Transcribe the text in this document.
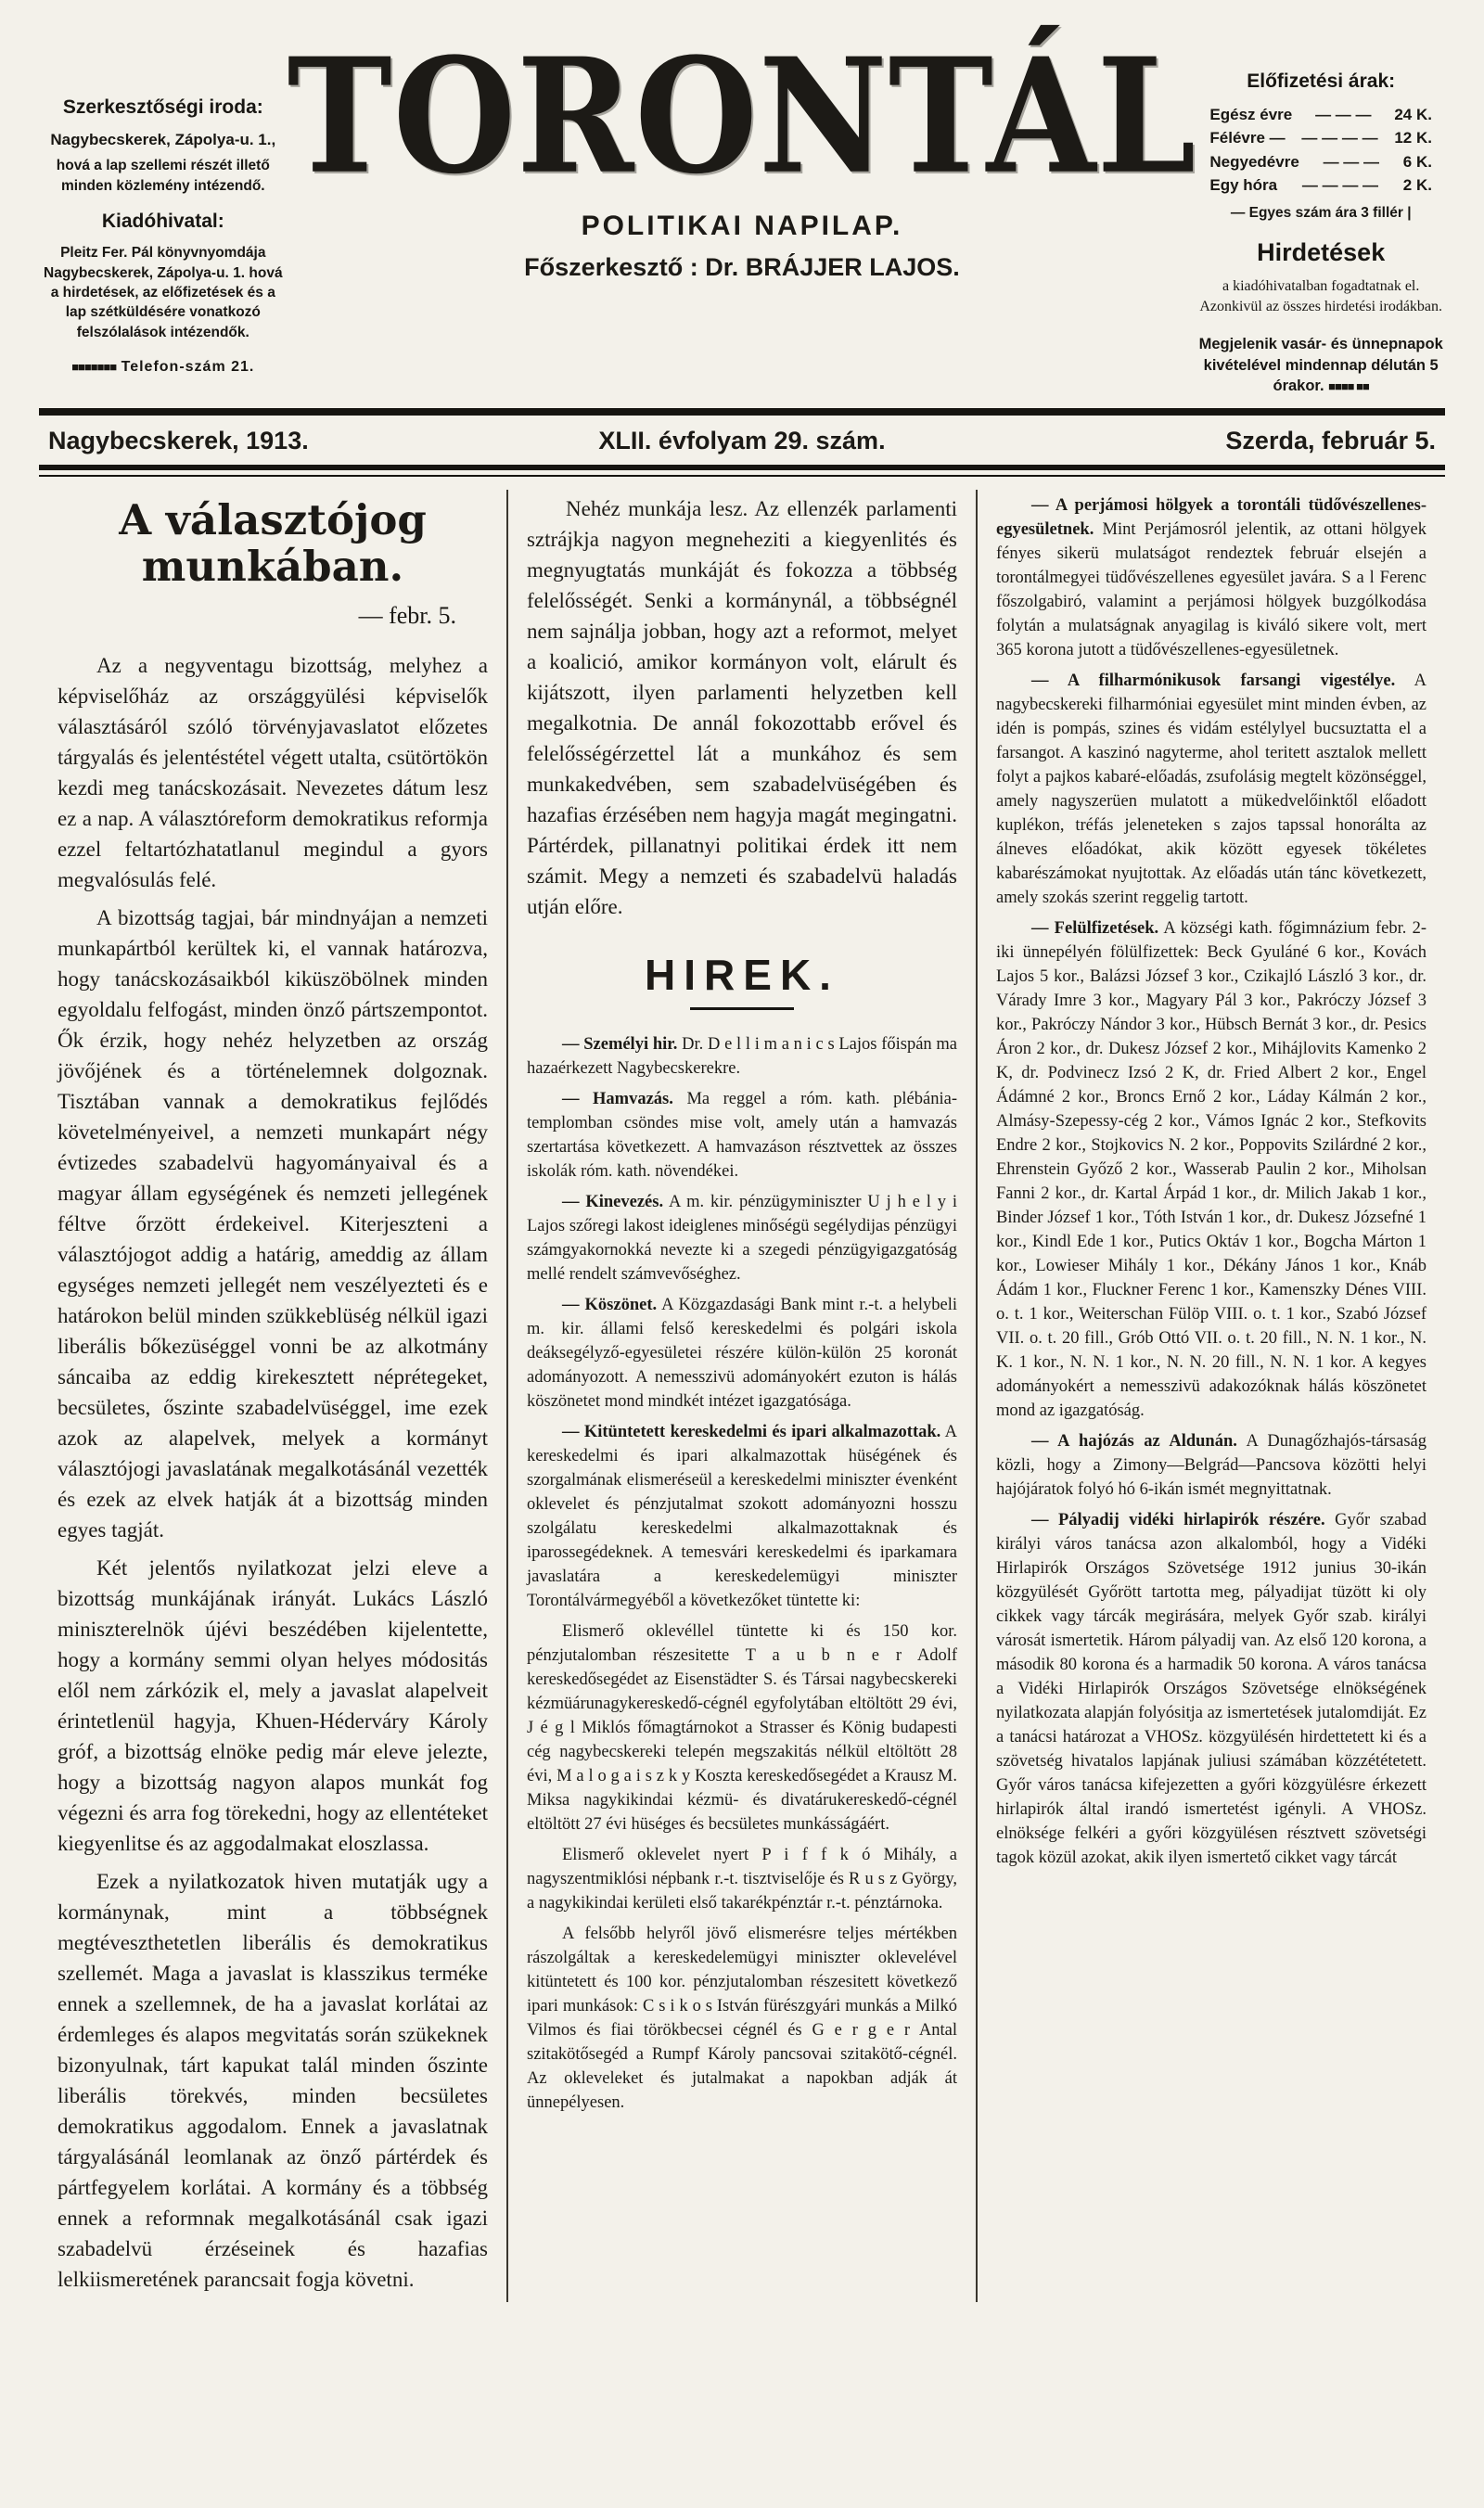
Szerkesztőségi iroda:
Nagybecskerek, Zápolya-u. 1.,
hová a lap szellemi részét illető minden közlemény intézendő.
Kiadóhivatal:
Pleitz Fer. Pál könyvnyomdája Nagybecskerek, Zápolya-u. 1. hová a hirdetések, az előfizetések és a lap szétküldésére vonatkozó felszólalások intézendők.
■■■■■■■ Telefon-szám 21.
TORONTÁL
POLITIKAI NAPILAP.
Főszerkesztő : Dr. BRÁJJER LAJOS.
Előfizetési árak:
Egész évre	— — —	24 K.
Félévre —	— — — —	12 K.
Negyedévre	— — —	6 K.
Egy hóra	— — — —	2 K.
— Egyes szám ára 3 fillér |
Hirdetések
a kiadóhivatalban fogadtatnak el. Azonkivül az összes hirdetési irodákban.
Megjelenik vasár- és ünnepnapok kivételével mindennap délután 5 órakor. ■■■■ ■■
Nagybecskerek, 1913.	XLII. évfolyam 29. szám.	Szerda, február 5.
A választójog munkában.
— febr. 5.

Az a negyventagu bizottság, melyhez a képviselőház az országgyülési képviselők választásáról szóló törvényjavaslatot előzetes tárgyalás és jelentéstétel végett utalta, csütörtökön kezdi meg tanácskozásait. Nevezetes dátum lesz ez a nap. A választóreform demokratikus reformja ezzel feltartózhatatlanul megindul a gyors megvalósulás felé.

A bizottság tagjai, bár mindnyájan a nemzeti munkapártból kerültek ki, el vannak határozva, hogy tanácskozásaikból kiküszöbölnek minden egyoldalu felfogást, minden önző pártszempontot. Ők érzik, hogy nehéz helyzetben az ország jövőjének és a történelemnek dolgoznak. Tisztában vannak a demokratikus fejlődés követelményeivel, a nemzeti munkapárt négy évtizedes szabadelvü hagyományaival és a magyar állam egységének és nemzeti jellegének féltve őrzött érdekeivel. Kiterjeszteni a választójogot addig a határig, ameddig az állam egységes nemzeti jellegét nem veszélyezteti és e határokon belül minden szükkeblüség nélkül igazi liberális bőkezüséggel vonni be az alkotmány sáncaiba az eddig kirekesztett néprétegeket, becsületes, őszinte szabadelvüséggel, ime ezek azok az alapelvek, melyek a kormányt választójogi javaslatának megalkotásánál vezették és ezek az elvek hatják át a bizottság minden egyes tagját.

Két jelentős nyilatkozat jelzi eleve a bizottság munkájának irányát. Lukács László miniszterelnök újévi beszédében kijelentette, hogy a kormány semmi olyan helyes módositás elől nem zárkózik el, mely a javaslat alapelveit érintetlenül hagyja, Khuen-Héderváry Károly gróf, a bizottság elnöke pedig már eleve jelezte, hogy a bizottság nagyon alapos munkát fog végezni és arra fog törekedni, hogy az ellentéteket kiegyenlitse és az aggodalmakat eloszlassa.

Ezek a nyilatkozatok hiven mutatják ugy a kormánynak, mint a többségnek megtéveszthetetlen liberális és demokratikus szellemét. Maga a javaslat is klasszikus terméke ennek a szellemnek, de ha a javaslat korlátai az érdemleges és alapos megvitatás során szükeknek bizonyulnak, tárt kapukat talál minden őszinte liberális törekvés, minden becsületes demokratikus aggodalom. Ennek a javaslatnak tárgyalásánál leomlanak az önző pártérdek és pártfegyelem korlátai. A kormány és a többség ennek a reformnak megalkotásánál csak igazi szabadelvü érzéseinek és hazafias lelkiismeretének parancsait fogja követni.

Nehéz munkája lesz. Az ellenzék parlamenti sztrájkja nagyon megneheziti a kiegyenlités és megnyugtatás munkáját és fokozza a többség felelősségét. Senki a kormánynál, a többségnél nem sajnálja jobban, hogy azt a reformot, melyet a koalició, amikor kormányon volt, elárult és kijátszott, ilyen parlamenti helyzetben kell megalkotnia. De annál fokozottabb erővel és felelősségérzettel lát a munkához és sem munkakedvében, sem szabadelvüségében és hazafias érzésében nem hagyja magát megingatni. Pártérdek, pillanatnyi politikai érdek itt nem számit. Megy a nemzeti és szabadelvü haladás utján előre.

HIREK.

— Személyi hir. Dr. D e l l i m a n i c s Lajos főispán ma hazaérkezett Nagybecskerekre.

— Hamvazás. Ma reggel a róm. kath. plébánia-templomban csöndes mise volt, amely után a hamvazás szertartása következett. A hamvazáson résztvettek az összes iskolák róm. kath. növendékei.

— Kinevezés. A m. kir. pénzügyminiszter U j h e l y i Lajos szőregi lakost ideiglenes minőségü segélydijas pénzügyi számgyakornokká nevezte ki a szegedi pénzügyigazgatóság mellé rendelt számvevőséghez.

— Köszönet. A Közgazdasági Bank mint r.-t. a helybeli m. kir. állami felső kereskedelmi és polgári iskola deáksegélyző-egyesületei részére külön-külön 25 koronát adományozott. A nemesszivü adományokért ezuton is hálás köszönetet mond mindkét intézet igazgatósága.

— Kitüntetett kereskedelmi és ipari alkalmazottak. A kereskedelmi és ipari alkalmazottak hüségének és szorgalmának elismeréseül a kereskedelmi miniszter évenként oklevelet és pénzjutalmat szokott adományozni hosszu szolgálatu kereskedelmi alkalmazottaknak és iparossegédeknek. A temesvári kereskedelmi és iparkamara javaslatára a kereskedelemügyi miniszter Torontálvármegyéből a következőket tüntette ki:

Elismerő oklevéllel tüntette ki és 150 kor. pénzjutalomban részesitette T a u b n e r Adolf kereskedősegédet az Eisenstädter S. és Társai nagybecskereki kézmüárunagykereskedő-cégnél egyfolytában eltöltött 29 évi, J é g l Miklós főmagtárnokot a Strasser és König budapesti cég nagybecskereki telepén megszakitás nélkül eltöltött 28 évi, M a l o g a i s z k y Koszta kereskedősegédet a Krausz M. Miksa nagykikindai kézmü- és divatárukereskedő-cégnél eltöltött 27 évi hüséges és becsületes munkásságáért.

Elismerő oklevelet nyert P i f f k ó Mihály, a nagyszentmiklósi népbank r.-t. tisztviselője és R u s z György, a nagykikindai kerületi első takarékpénztár r.-t. pénztárnoka.

A felsőbb helyről jövő elismerésre teljes mértékben rászolgáltak a kereskedelemügyi miniszter oklevelével kitüntetett és 100 kor. pénzjutalomban részesitett következő ipari munkások: C s i k o s István fürészgyári munkás a Milkó Vilmos és fiai törökbecsei cégnél és G e r g e r Antal szitakötősegéd a Rumpf Károly pancsovai szitakötő-cégnél. Az okleveleket és jutalmakat a napokban adják át ünnepélyesen.

— A perjámosi hölgyek a torontáli tüdővészellenes-egyesületnek. Mint Perjámosról jelentik, az ottani hölgyek fényes sikerü mulatságot rendeztek február elsején a torontálmegyei tüdővészellenes egyesület javára. S a l Ferenc főszolgabiró, valamint a perjámosi hölgyek buzgólkodása folytán a mulatságnak anyagilag is kiváló sikere volt, mert 365 korona jutott a tüdővészellenes-egyesületnek.

— A filharmónikusok farsangi vigestélye. A nagybecskereki filharmóniai egyesület mint minden évben, az idén is pompás, szines és vidám estélylyel bucsuztatta el a farsangot. A kaszinó nagyterme, ahol teritett asztalok mellett folyt a pajkos kabaré-előadás, zsufolásig megtelt közönséggel, amely nagyszerüen mulatott a mükedvelőinktől előadott kuplékon, tréfás jeleneteken s zajos tapssal honorálta az álneves előadókat, akik között egyesek tökéletes kabarészámokat nyujtottak. Az előadás után tánc következett, amely szokás szerint reggelig tartott.

— Felülfizetések. A községi kath. főgimnázium febr. 2-iki ünnepélyén fölülfizettek: Beck Gyuláné 6 kor., Kovách Lajos 5 kor., Balázsi József 3 kor., Czikajló László 3 kor., dr. Várady Imre 3 kor., Magyary Pál 3 kor., Pakróczy József 3 kor., Pakróczy Nándor 3 kor., Hübsch Bernát 3 kor., dr. Pesics Áron 2 kor., dr. Dukesz József 2 kor., Mihájlovits Kamenko 2 K, dr. Podvinecz Izsó 2 K, dr. Fried Albert 2 kor., Engel Ádámné 2 kor., Broncs Ernő 2 kor., Láday Kálmán 2 kor., Almásy-Szepessy-cég 2 kor., Vámos Ignác 2 kor., Stefkovits Endre 2 kor., Stojkovics N. 2 kor., Poppovits Szilárdné 2 kor., Ehrenstein Győző 2 kor., Wasserab Paulin 2 kor., Miholsan Fanni 2 kor., dr. Kartal Árpád 1 kor., dr. Milich Jakab 1 kor., Binder József 1 kor., Tóth István 1 kor., dr. Dukesz Józsefné 1 kor., Kindl Ede 1 kor., Putics Oktáv 1 kor., Bogcha Márton 1 kor., Lowieser Mihály 1 kor., Dékány János 1 kor., Knáb Ádám 1 kor., Fluckner Ferenc 1 kor., Kamenszky Dénes VIII. o. t. 1 kor., Weiterschan Fülöp VIII. o. t. 1 kor., Szabó József VII. o. t. 20 fill., Grób Ottó VII. o. t. 20 fill., N. N. 1 kor., N. K. 1 kor., N. N. 1 kor., N. N. 20 fill., N. N. 1 kor. A kegyes adományokért a nemesszivü adakozóknak hálás köszönetet mond az igazgatóság.

— A hajózás az Aldunán. A Dunagőzhajós-társaság közli, hogy a Zimony—Belgrád—Pancsova közötti helyi hajójáratok folyó hó 6-ikán ismét megnyittatnak.

— Pályadij vidéki hirlapirók részére. Győr szabad királyi város tanácsa azon alkalomból, hogy a Vidéki Hirlapirók Országos Szövetsége 1912 junius 30-ikán közgyülését Győrött tartotta meg, pályadijat tüzött ki oly cikkek vagy tárcák megirására, melyek Győr szab. királyi városát ismertetik. Három pályadij van. Az első 120 korona, a második 80 korona és a harmadik 50 korona. A város tanácsa a Vidéki Hirlapirók Országos Szövetsége elnökségének nyilatkozata alapján folyósitja az ismertetések jutalomdiját. Ez a tanácsi határozat a VHOSz. közgyülésén hirdettetett ki és a szövetség hivatalos lapjának juliusi számában közzététetett. Győr város tanácsa kifejezetten a győri közgyülésre érkezett hirlapirók által irandó ismertetést igényli. A VHOSz. elnöksége felkéri a győri közgyülésen résztvett szövetségi tagok közül azokat, akik ilyen ismertető cikket vagy tárcát
